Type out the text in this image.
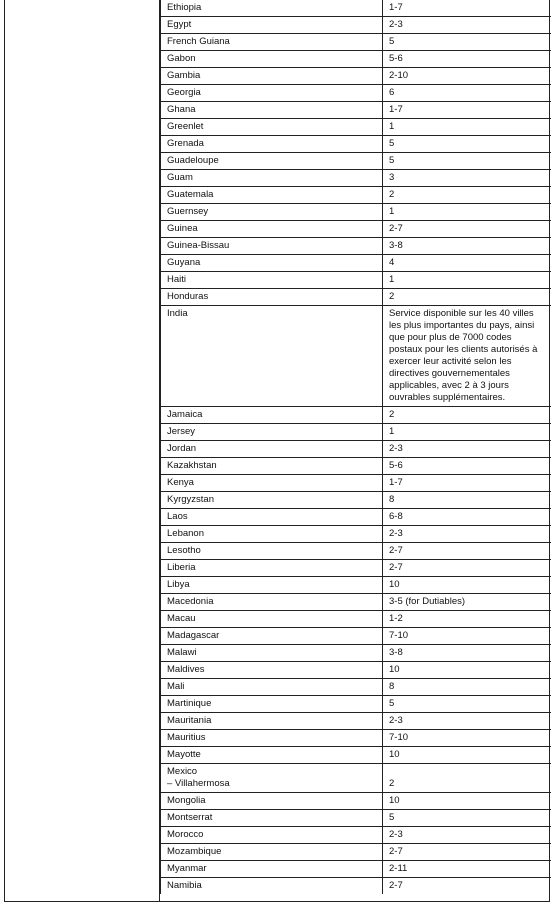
Ethiopia	1-7
Egypt	2-3
French Guiana	5
Gabon	5-6
Gambia	2-10
Georgia	6
Ghana	1-7
Greenlet	1
Grenada	5
Guadeloupe	5
Guam	3
Guatemala	2
Guernsey	1
Guinea	2-7
Guinea-Bissau	3-8
Guyana	4
Haiti	1
Honduras	2
India	Service disponible sur les 40 villes les plus importantes du pays, ainsi que pour plus de 7000 codes postaux pour les clients autorisés à exercer leur activité selon les directives gouvernementales applicables, avec 2 à 3 jours ouvrables supplémentaires.
Jamaica	2
Jersey	1
Jordan	2-3
Kazakhstan	5-6
Kenya	1-7
Kyrgyzstan	8
Laos	6-8
Lebanon	2-3
Lesotho	2-7
Liberia	2-7
Libya	10
Macedonia	3-5 (for Dutiables)
Macau	1-2
Madagascar	7-10
Malawi	3-8
Maldives	10
Mali	8
Martinique	5
Mauritania	2-3
Mauritius	7-10
Mayotte	10
Mexico
– Villahermosa	2
Mongolia	10
Montserrat	5
Morocco	2-3
Mozambique	2-7
Myanmar	2-11
Namibia	2-7
